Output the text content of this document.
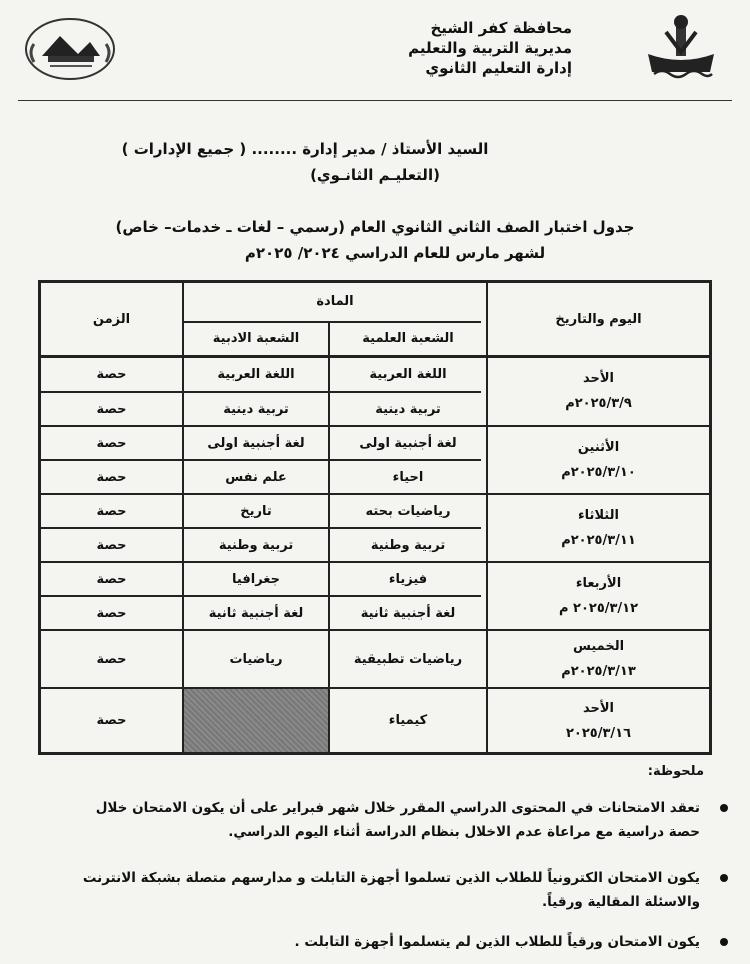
محافظة كفر الشيخ
مديرية التربية والتعليم
إدارة التعليم الثانوي
السيد الأستاذ / مدير إدارة ........ ( جميع الإدارات )
(التعليـم الثانـوي)
جدول اختبار الصف الثاني الثانوي العام (رسمي – لغات ـ خدمات– خاص)
لشهر مارس للعام الدراسي ٢٠٢٤/ ٢٠٢٥م
اليوم والتاريخ
المادة
الشعبة العلمية
الشعبة الادبية
الزمن
الأحد
٢٠٢٥/٣/٩م
الأثنين
٢٠٢٥/٣/١٠م
الثلاثاء
٢٠٢٥/٣/١١م
الأربعاء
٢٠٢٥/٣/١٢ م
الخميس
٢٠٢٥/٣/١٣م
الأحد
٢٠٢٥/٣/١٦
اللغة العربية
اللغة العربية
حصة
تربية دينية
تربية دينية
حصة
لغة أجنبية اولى
لغة أجنبية اولى
حصة
احياء
علم نفس
حصة
رياضيات بحته
تاريخ
حصة
تربية وطنية
تربية وطنية
حصة
فيزياء
جغرافيا
حصة
لغة أجنبية ثانية
لغة أجنبية ثانية
حصة
رياضيات تطبيقية
رياضيات
حصة
كيمياء
حصة
ملحوظة:
تعقد الامتحانات في المحتوى الدراسي المقرر خلال شهر فبراير على أن يكون الامتحان خلال حصة دراسية مع مراعاة عدم الاخلال بنظام الدراسة أثناء اليوم الدراسي.
يكون الامتحان الكترونياً للطلاب الذين تسلموا أجهزة التابلت و مدارسهم متصلة بشبكة الانترنت والاسئلة المقالية ورقياً.
يكون الامتحان ورقياً للطلاب الذين لم يتسلموا أجهزة التابلت .
